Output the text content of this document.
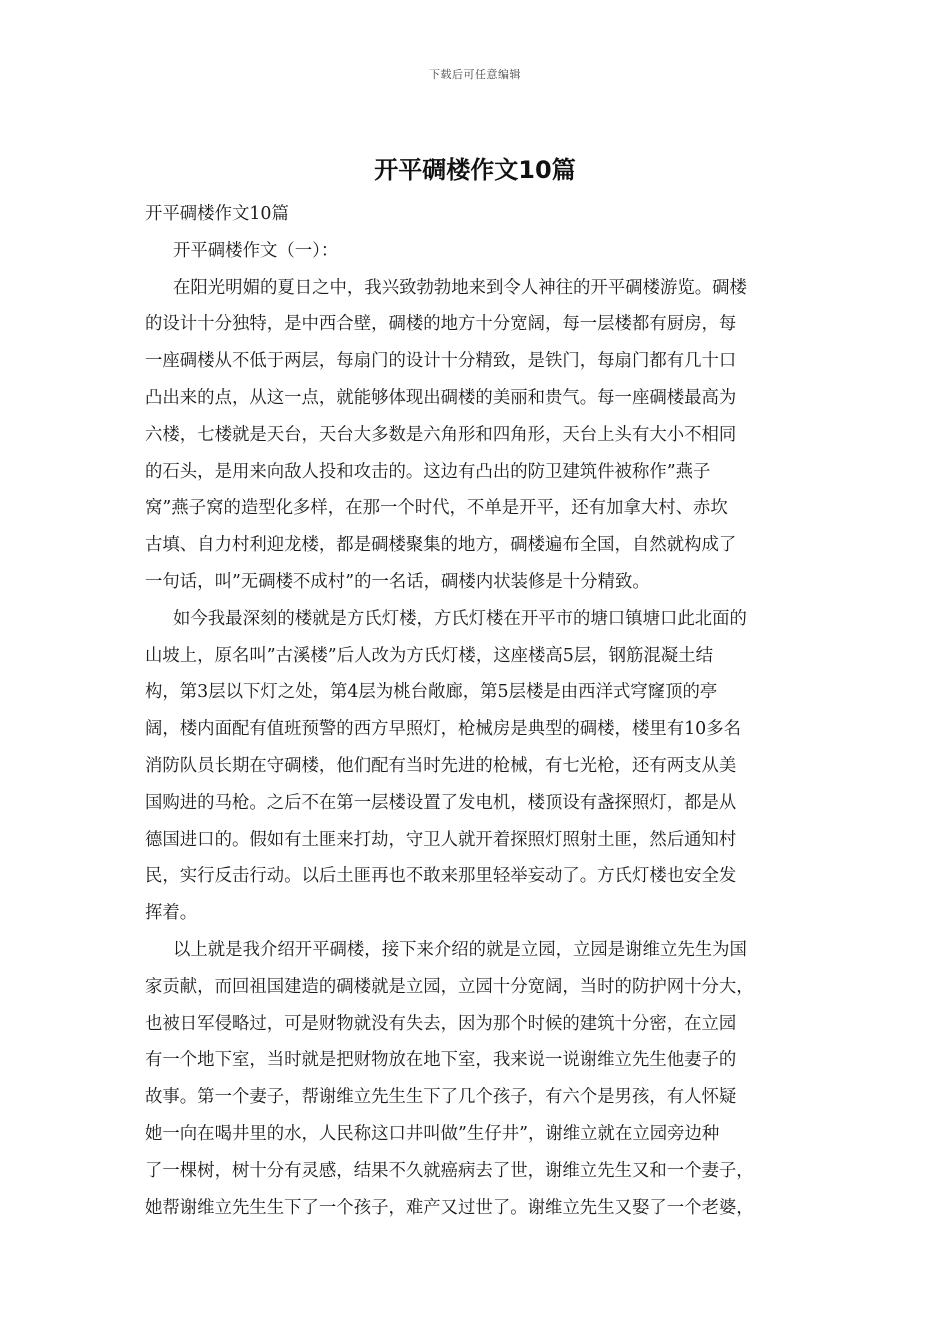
下载后可任意编辑
开平碉楼作文10篇

开平碉楼作文10篇

开平碉楼作文（一）：

在阳光明媚的夏日之中，我兴致勃勃地来到令人神往的开平碉楼游览。碉楼

的设计十分独特，是中西合壁，碉楼的地方十分宽阔，每一层楼都有厨房，每

一座碉楼从不低于两层，每扇门的设计十分精致，是铁门，每扇门都有几十口

凸出来的点，从这一点，就能够体现出碉楼的美丽和贵气。每一座碉楼最高为

六楼，七楼就是天台，天台大多数是六角形和四角形，天台上头有大小不相同

的石头，是用来向敌人投和攻击的。这边有凸出的防卫建筑件被称作”燕子

窝”燕子窝的造型化多样，在那一个时代，不单是开平，还有加拿大村、赤坎

古填、自力村利迎龙楼，都是碉楼聚集的地方，碉楼遍布全国，自然就构成了

一句话，叫”无碉楼不成村”的一名话，碉楼内状装修是十分精致。

如今我最深刻的楼就是方氏灯楼，方氏灯楼在开平市的塘口镇塘口此北面的

山坡上，原名叫”古溪楼”后人改为方氏灯楼，这座楼高5层，钢筋混凝土结

构，第3层以下灯之处，第4层为桃台敞廊，第5层楼是由西洋式穹窿顶的亭

阔，楼内面配有值班预警的西方早照灯，枪械房是典型的碉楼，楼里有10多名

消防队员长期在守碉楼，他们配有当时先进的枪械，有七光枪，还有两支从美

国购进的马枪。之后不在第一层楼设置了发电机，楼顶设有盏探照灯，都是从

德国进口的。假如有土匪来打劫，守卫人就开着探照灯照射土匪，然后通知村

民，实行反击行动。以后土匪再也不敢来那里轻举妄动了。方氏灯楼也安全发

挥着。

以上就是我介绍开平碉楼，接下来介绍的就是立园，立园是谢维立先生为国

家贡献，而回祖国建造的碉楼就是立园，立园十分宽阔，当时的防护网十分大，

也被日军侵略过，可是财物就没有失去，因为那个时候的建筑十分密，在立园

有一个地下室，当时就是把财物放在地下室，我来说一说谢维立先生他妻子的

故事。第一个妻子，帮谢维立先生生下了几个孩子，有六个是男孩，有人怀疑

她一向在喝井里的水，人民称这口井叫做”生仔井”，谢维立就在立园旁边种

了一棵树，树十分有灵感，结果不久就癌病去了世，谢维立先生又和一个妻子，

她帮谢维立先生生下了一个孩子，难产又过世了。谢维立先生又娶了一个老婆，
